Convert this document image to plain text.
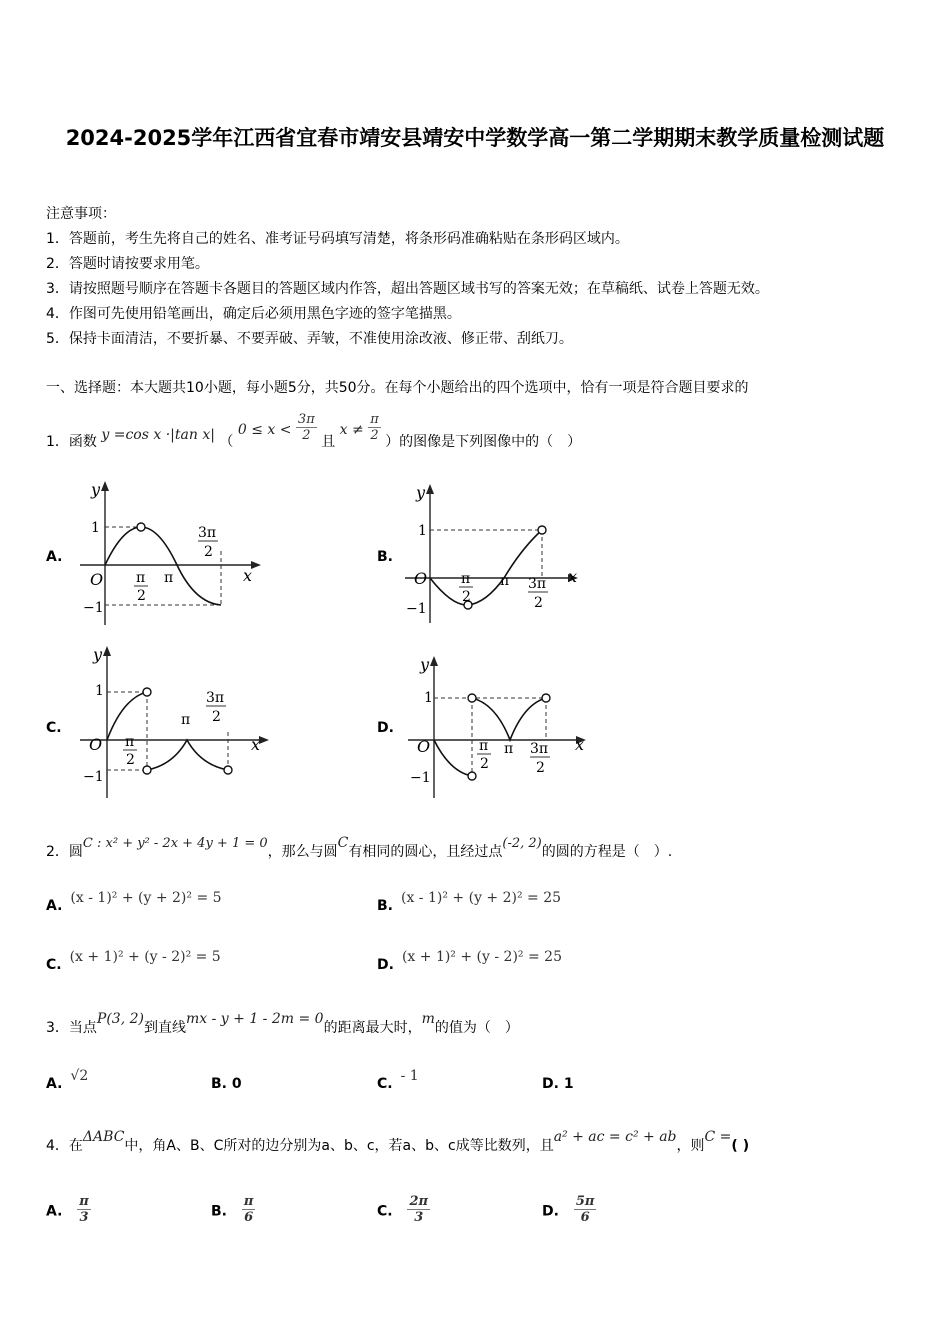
2024-2025学年江西省宜春市靖安县靖安中学数学高一第二学期期末教学质量检测试题
注意事项：
1．答题前，考生先将自己的姓名、准考证号码填写清楚，将条形码准确粘贴在条形码区域内。
2．答题时请按要求用笔。
3．请按照题号顺序在答题卡各题目的答题区域内作答，超出答题区域书写的答案无效；在草稿纸、试卷上答题无效。
4．作图可先使用铅笔画出，确定后必须用黑色字迹的签字笔描黑。
5．保持卡面清洁，不要折暴、不要弄破、弄皱，不准使用涂改液、修正带、刮纸刀。
一、选择题：本大题共10小题，每小题5分，共50分。在每个小题给出的四个选项中，恰有一项是符合题目要求的
1．函数 y =cos x ·|tan x| （ $0 \le x < \frac{3\pi}{2}$ 且 $x \ne \frac{\pi}{2}$ ）的图像是下列图像中的（　）
A.	B.
C.	D.
y
x
O
1
−1
π
2
π
3π
2
y
x
O
1
−1
π
2
π 3π
2
y
x
O
1
−1
π
2
π
3π
2
y
x
O
1
−1
π
2
π 3π
2
2．圆C : x² + y² - 2x + 4y + 1 = 0，那么与圆C有相同的圆心，且经过点(-2, 2)的圆的方程是（　）.
A. (x - 1)² + (y + 2)² = 5	B. (x - 1)² + (y + 2)² = 25
C. (x + 1)² + (y - 2)² = 5	D. (x + 1)² + (y - 2)² = 25
3．当点P(3, 2)到直线mx - y + 1 - 2m = 0的距离最大时，m的值为（　）
A. √2	B. 0	C. - 1	D. 1
4．在ΔABC中，角A、B、C所对的边分别为a、b、c，若a、b、c成等比数列，且a² + ac = c² + ab，则C =( )
A. $\frac{\pi}{3}$	B. $\frac{\pi}{6}$	C. $\frac{2\pi}{3}$	D. $\frac{5\pi}{6}$
